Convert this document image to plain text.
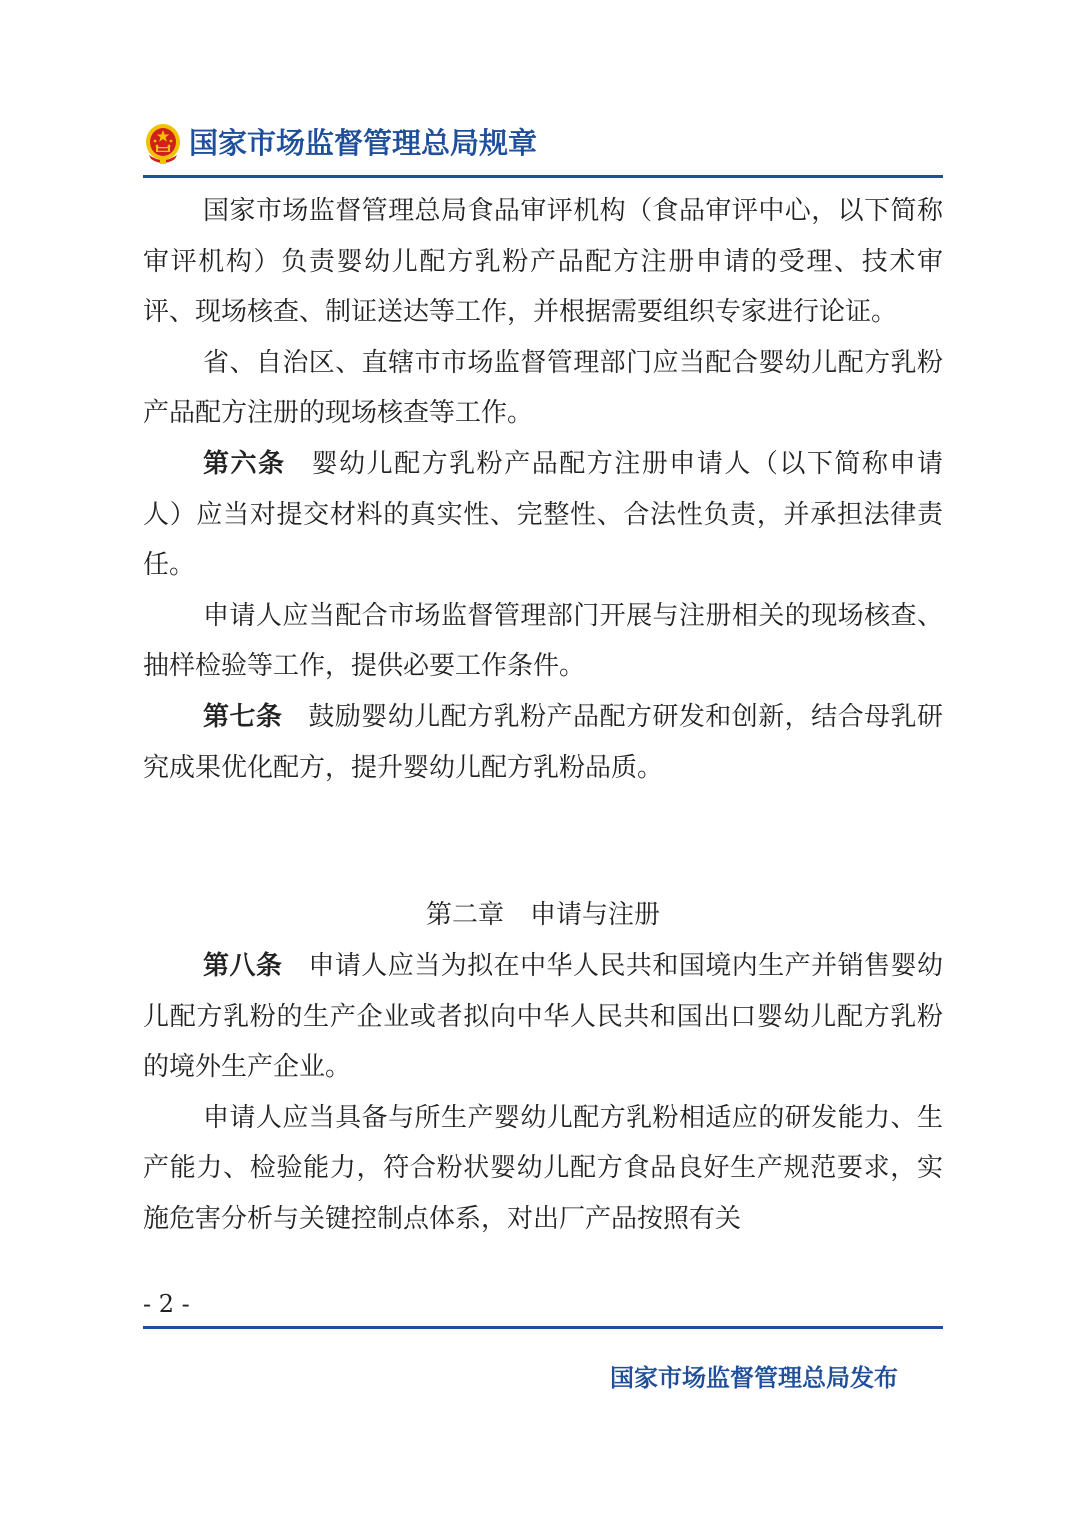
国家市场监督管理总局规章

国家市场监督管理总局食品审评机构（食品审评中心，以下简称审评机构）负责婴幼儿配方乳粉产品配方注册申请的受理、技术审评、现场核查、制证送达等工作，并根据需要组织专家进行论证。

省、自治区、直辖市市场监督管理部门应当配合婴幼儿配方乳粉产品配方注册的现场核查等工作。

第六条 婴幼儿配方乳粉产品配方注册申请人（以下简称申请人）应当对提交材料的真实性、完整性、合法性负责，并承担法律责任。

申请人应当配合市场监督管理部门开展与注册相关的现场核查、抽样检验等工作，提供必要工作条件。

第七条 鼓励婴幼儿配方乳粉产品配方研发和创新，结合母乳研究成果优化配方，提升婴幼儿配方乳粉品质。

第二章　 申请与注册

第八条 申请人应当为拟在中华人民共和国境内生产并销售婴幼儿配方乳粉的生产企业或者拟向中华人民共和国出口婴幼儿配方乳粉的境外生产企业。

申请人应当具备与所生产婴幼儿配方乳粉相适应的研发能力、生产能力、检验能力，符合粉状婴幼儿配方食品良好生产规范要求，实施危害分析与关键控制点体系，对出厂产品按照有关

- 2 -
国家市场监督管理总局发布
